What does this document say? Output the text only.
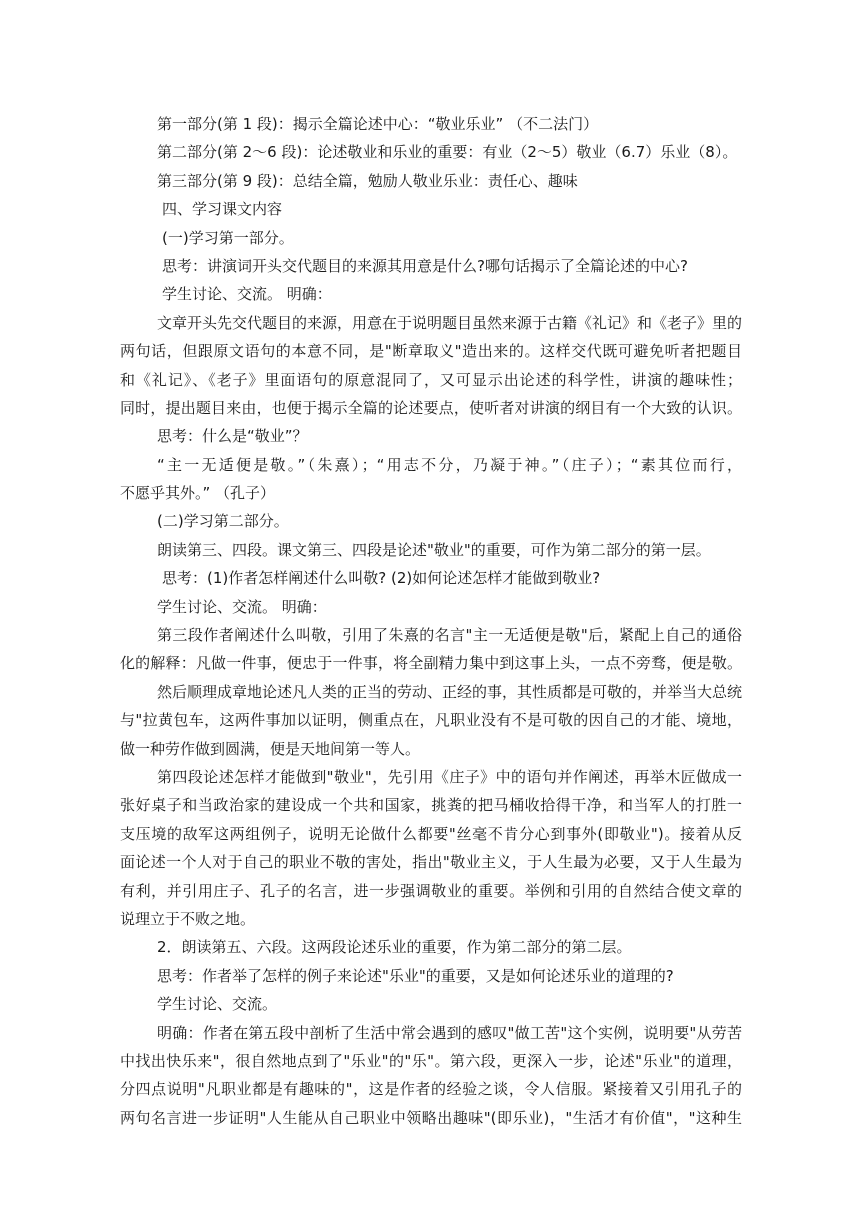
第一部分(第 1 段)：揭示全篇论述中心：“敬业乐业” （不二法门）
第二部分(第 2～6 段)：论述敬业和乐业的重要：有业（2～5）敬业（6.7）乐业（8）。
第三部分(第 9 段)：总结全篇，勉励人敬业乐业：责任心、趣味
四、学习课文内容
(一)学习第一部分。
思考：讲演词开头交代题目的来源其用意是什么?哪句话揭示了全篇论述的中心?
学生讨论、交流。 明确：
文章开头先交代题目的来源，用意在于说明题目虽然来源于古籍《礼记》和《老子》里的
两句话，但跟原文语句的本意不同，是"断章取义"造出来的。这样交代既可避免听者把题目
和《礼记》、《老子》里面语句的原意混同了，又可显示出论述的科学性，讲演的趣味性；
同时，提出题目来由，也便于揭示全篇的论述要点，使听者对讲演的纲目有一个大致的认识。
思考：什么是“敬业”？
“主一无适便是敬。”（朱熹）；“用志不分，乃凝于神。”（庄子）；“素其位而行，
不愿乎其外。” （孔子）
(二)学习第二部分。
朗读第三、四段。课文第三、四段是论述"敬业"的重要，可作为第二部分的第一层。
思考：(1)作者怎样阐述什么叫敬? (2)如何论述怎样才能做到敬业?
学生讨论、交流。 明确：
第三段作者阐述什么叫敬，引用了朱熹的名言"主一无适便是敬"后，紧配上自己的通俗
化的解释：凡做一件事，便忠于一件事，将全副精力集中到这事上头，一点不旁骛，便是敬。
然后顺理成章地论述凡人类的正当的劳动、正经的事，其性质都是可敬的，并举当大总统
与"拉黄包车，这两件事加以证明，侧重点在，凡职业没有不是可敬的因自己的才能、境地，
做一种劳作做到圆满，便是天地间第一等人。
第四段论述怎样才能做到"敬业"，先引用《庄子》中的语句并作阐述，再举木匠做成一
张好桌子和当政治家的建设成一个共和国家，挑粪的把马桶收拾得干净，和当军人的打胜一
支压境的敌军这两组例子，说明无论做什么都要"丝毫不肯分心到事外(即敬业")。接着从反
面论述一个人对于自己的职业不敬的害处，指出"敬业主义，于人生最为必要，又于人生最为
有利，并引用庄子、孔子的名言，进一步强调敬业的重要。举例和引用的自然结合使文章的
说理立于不败之地。
2．朗读第五、六段。这两段论述乐业的重要，作为第二部分的第二层。
思考：作者举了怎样的例子来论述"乐业"的重要，又是如何论述乐业的道理的?
学生讨论、交流。
明确：作者在第五段中剖析了生活中常会遇到的感叹"做工苦"这个实例，说明要"从劳苦
中找出快乐来"，很自然地点到了"乐业"的"乐"。第六段，更深入一步，论述"乐业"的道理，
分四点说明"凡职业都是有趣味的"，这是作者的经验之谈，令人信服。紧接着又引用孔子的
两句名言进一步证明"人生能从自己职业中领略出趣味"(即乐业)，"生活才有价值"，"这种生
